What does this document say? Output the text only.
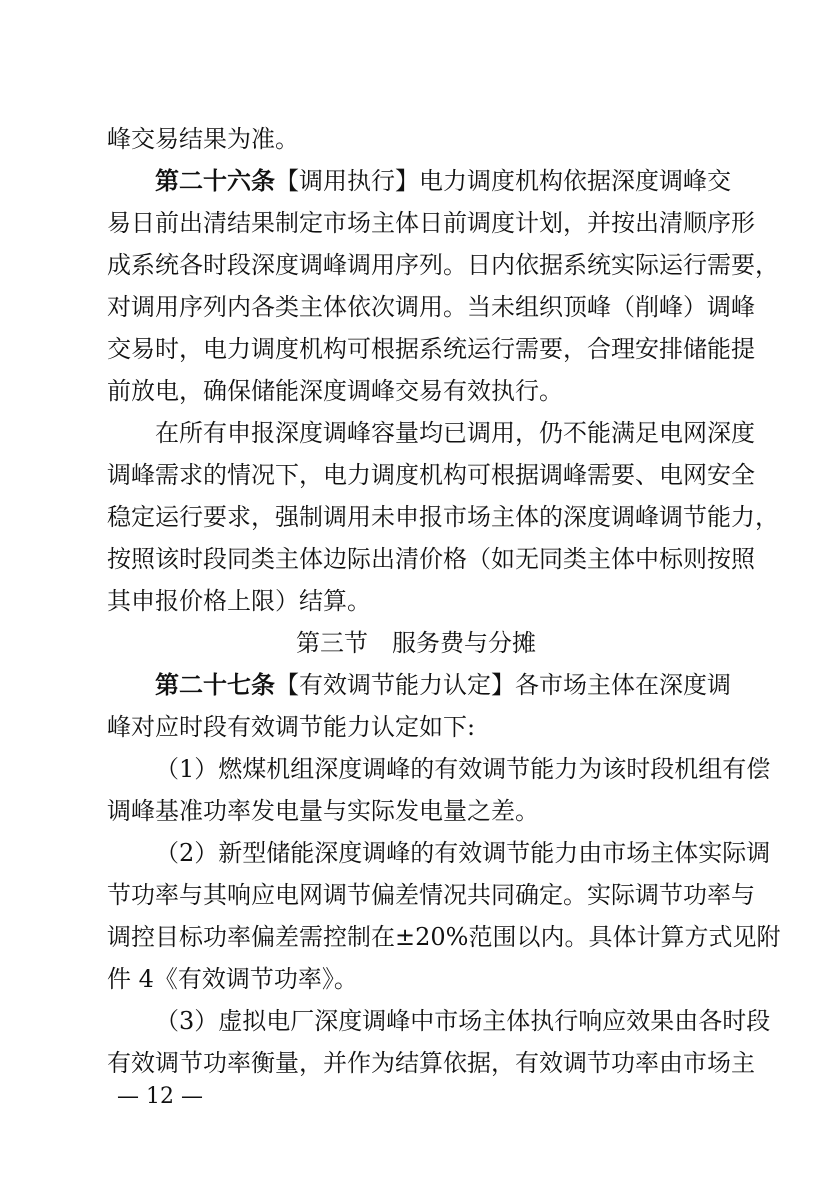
峰交易结果为准。
第二十六条【调用执行】电力调度机构依据深度调峰交
易日前出清结果制定市场主体日前调度计划，并按出清顺序形
成系统各时段深度调峰调用序列。日内依据系统实际运行需要，
对调用序列内各类主体依次调用。当未组织顶峰（削峰）调峰
交易时，电力调度机构可根据系统运行需要，合理安排储能提
前放电，确保储能深度调峰交易有效执行。
在所有申报深度调峰容量均已调用，仍不能满足电网深度
调峰需求的情况下，电力调度机构可根据调峰需要、电网安全
稳定运行要求，强制调用未申报市场主体的深度调峰调节能力，
按照该时段同类主体边际出清价格（如无同类主体中标则按照
其申报价格上限）结算。
第三节　服务费与分摊
第二十七条【有效调节能力认定】各市场主体在深度调
峰对应时段有效调节能力认定如下:
（1）燃煤机组深度调峰的有效调节能力为该时段机组有偿
调峰基准功率发电量与实际发电量之差。
（2）新型储能深度调峰的有效调节能力由市场主体实际调
节功率与其响应电网调节偏差情况共同确定。实际调节功率与
调控目标功率偏差需控制在±20%范围以内。具体计算方式见附
件 4《有效调节功率》。
（3）虚拟电厂深度调峰中市场主体执行响应效果由各时段
有效调节功率衡量，并作为结算依据，有效调节功率由市场主
— 12 —
